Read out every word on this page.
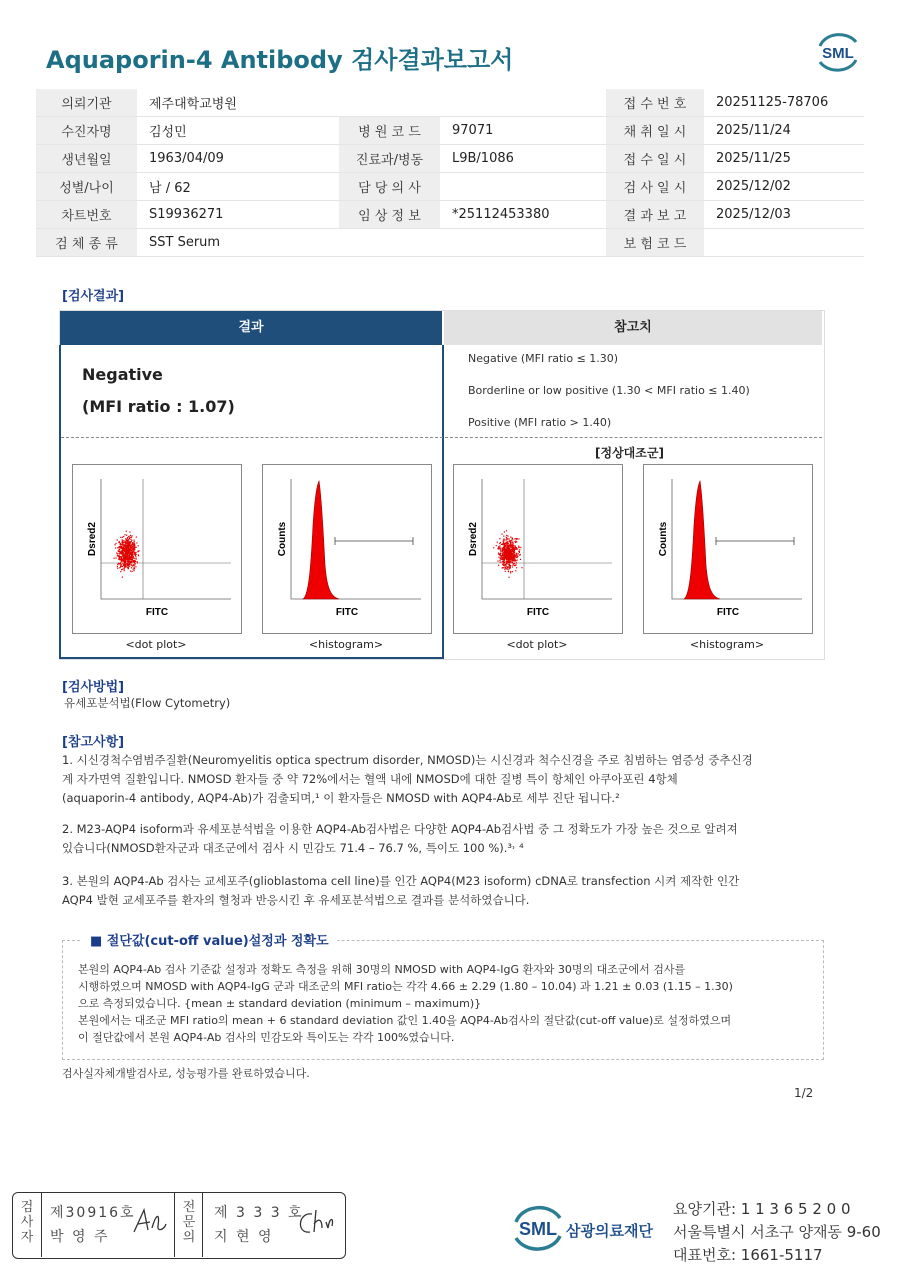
Aquaporin-4 Antibody 검사결과보고서	SML
의뢰기관	제주대학교병원			접 수 번 호	20251125-78706
수진자명	김성민	병 원 코 드	97071	채 취 일 시	2025/11/24
생년월일	1963/04/09	진료과/병동	L9B/1086	접 수 일 시	2025/11/25
성별/나이	남 / 62	담 당 의 사		검 사 일 시	2025/12/02
차트번호	S19936271	임 상 정 보	*25112453380	결 과 보 고	2025/12/03
검 체 종 류	SST Serum			보 험 코 드	
[검사결과]
결과	참고치
Negative
(MFI ratio : 1.07)
Negative (MFI ratio ≤ 1.30)
Borderline or low positive (1.30 < MFI ratio ≤ 1.40)
Positive (MFI ratio > 1.40)
[정상대조군]
Dsred2
FITC
<dot plot>
Counts
FITC
<histogram>
Dsred2
FITC
<dot plot>
Counts
FITC
<histogram>
[검사방법]
유세포분석법(Flow Cytometry)
[참고사항]
1. 시신경척수염범주질환(Neuromyelitis optica spectrum disorder, NMOSD)는 시신경과 척수신경을 주로 침범하는 염증성 중추신경
계 자가면역 질환입니다. NMOSD 환자들 중 약 72%에서는 혈액 내에 NMOSD에 대한 질병 특이 항체인 아쿠아포린 4항체
(aquaporin-4 antibody, AQP4-Ab)가 검출되며,¹ 이 환자들은 NMOSD with AQP4-Ab로 세부 진단 됩니다.²
2. M23-AQP4 isoform과 유세포분석법을 이용한 AQP4-Ab검사법은 다양한 AQP4-Ab검사법 중 그 정확도가 가장 높은 것으로 알려져
있습니다(NMOSD환자군과 대조군에서 검사 시 민감도 71.4 – 76.7 %, 특이도 100 %).³˒ ⁴
3. 본원의 AQP4-Ab 검사는 교세포주(glioblastoma cell line)를 인간 AQP4(M23 isoform) cDNA로 transfection 시켜 제작한 인간
AQP4 발현 교세포주를 환자의 혈청과 반응시킨 후 유세포분석법으로 결과를 분석하였습니다.
■ 절단값(cut-off value)설정과 정확도
본원의 AQP4-Ab 검사 기준값 설정과 정확도 측정을 위해 30명의 NMOSD with AQP4-IgG 환자와 30명의 대조군에서 검사를
시행하였으며 NMOSD with AQP4-IgG 군과 대조군의 MFI ratio는 각각 4.66 ± 2.29 (1.80 – 10.04) 과 1.21 ± 0.03 (1.15 – 1.30)
으로 측정되었습니다. {mean ± standard deviation (minimum – maximum)}
본원에서는 대조군 MFI ratio의 mean + 6 standard deviation 값인 1.40을 AQP4-Ab검사의 절단값(cut-off value)로 설정하였으며
이 절단값에서 본원 AQP4-Ab 검사의 민감도와 특이도는 각각 100%였습니다.
검사실자체개발검사로, 성능평가를 완료하였습니다.
1/2
검
사
자
제30916호
박 영 주
전
문
의
제 3 3 3 호
지 현 영	SML 삼광의료재단
요양기관: 1 1 3 6 5 2 0 0
서울특별시 서초구 양재동 9-60
대표번호: 1661-5117
